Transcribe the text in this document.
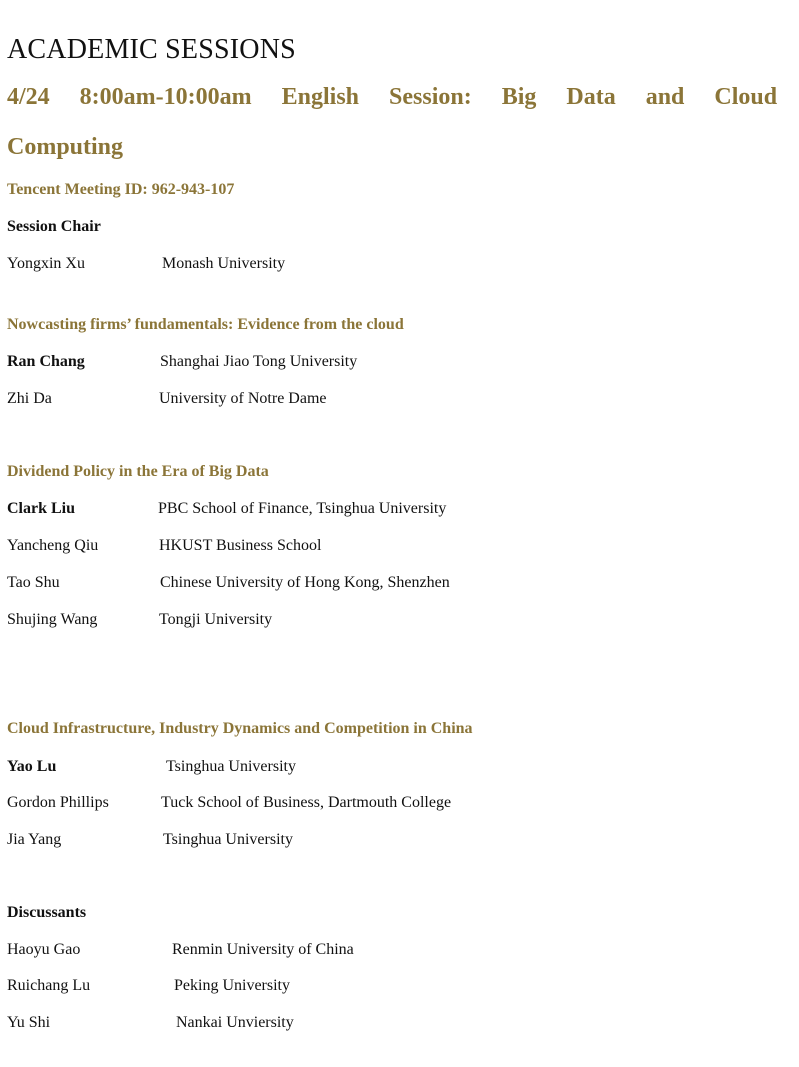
ACADEMIC SESSIONS
4/24  8:00am-10:00am  English  Session:  Big  Data  and  Cloud
Computing
Tencent Meeting ID: 962-943-107
Session Chair
Yongxin Xu	Monash University
Nowcasting firms’ fundamentals: Evidence from the cloud
Ran Chang	Shanghai Jiao Tong University
Zhi Da	University of Notre Dame
Dividend Policy in the Era of Big Data
Clark Liu	PBC School of Finance, Tsinghua University
Yancheng Qiu	HKUST Business School
Tao Shu	Chinese University of Hong Kong, Shenzhen
Shujing Wang	Tongji University
Cloud Infrastructure, Industry Dynamics and Competition in China
Yao Lu	Tsinghua University
Gordon Phillips	Tuck School of Business, Dartmouth College
Jia Yang	Tsinghua University
Discussants
Haoyu Gao	Renmin University of China
Ruichang Lu	Peking University
Yu Shi	Nankai Unviersity
